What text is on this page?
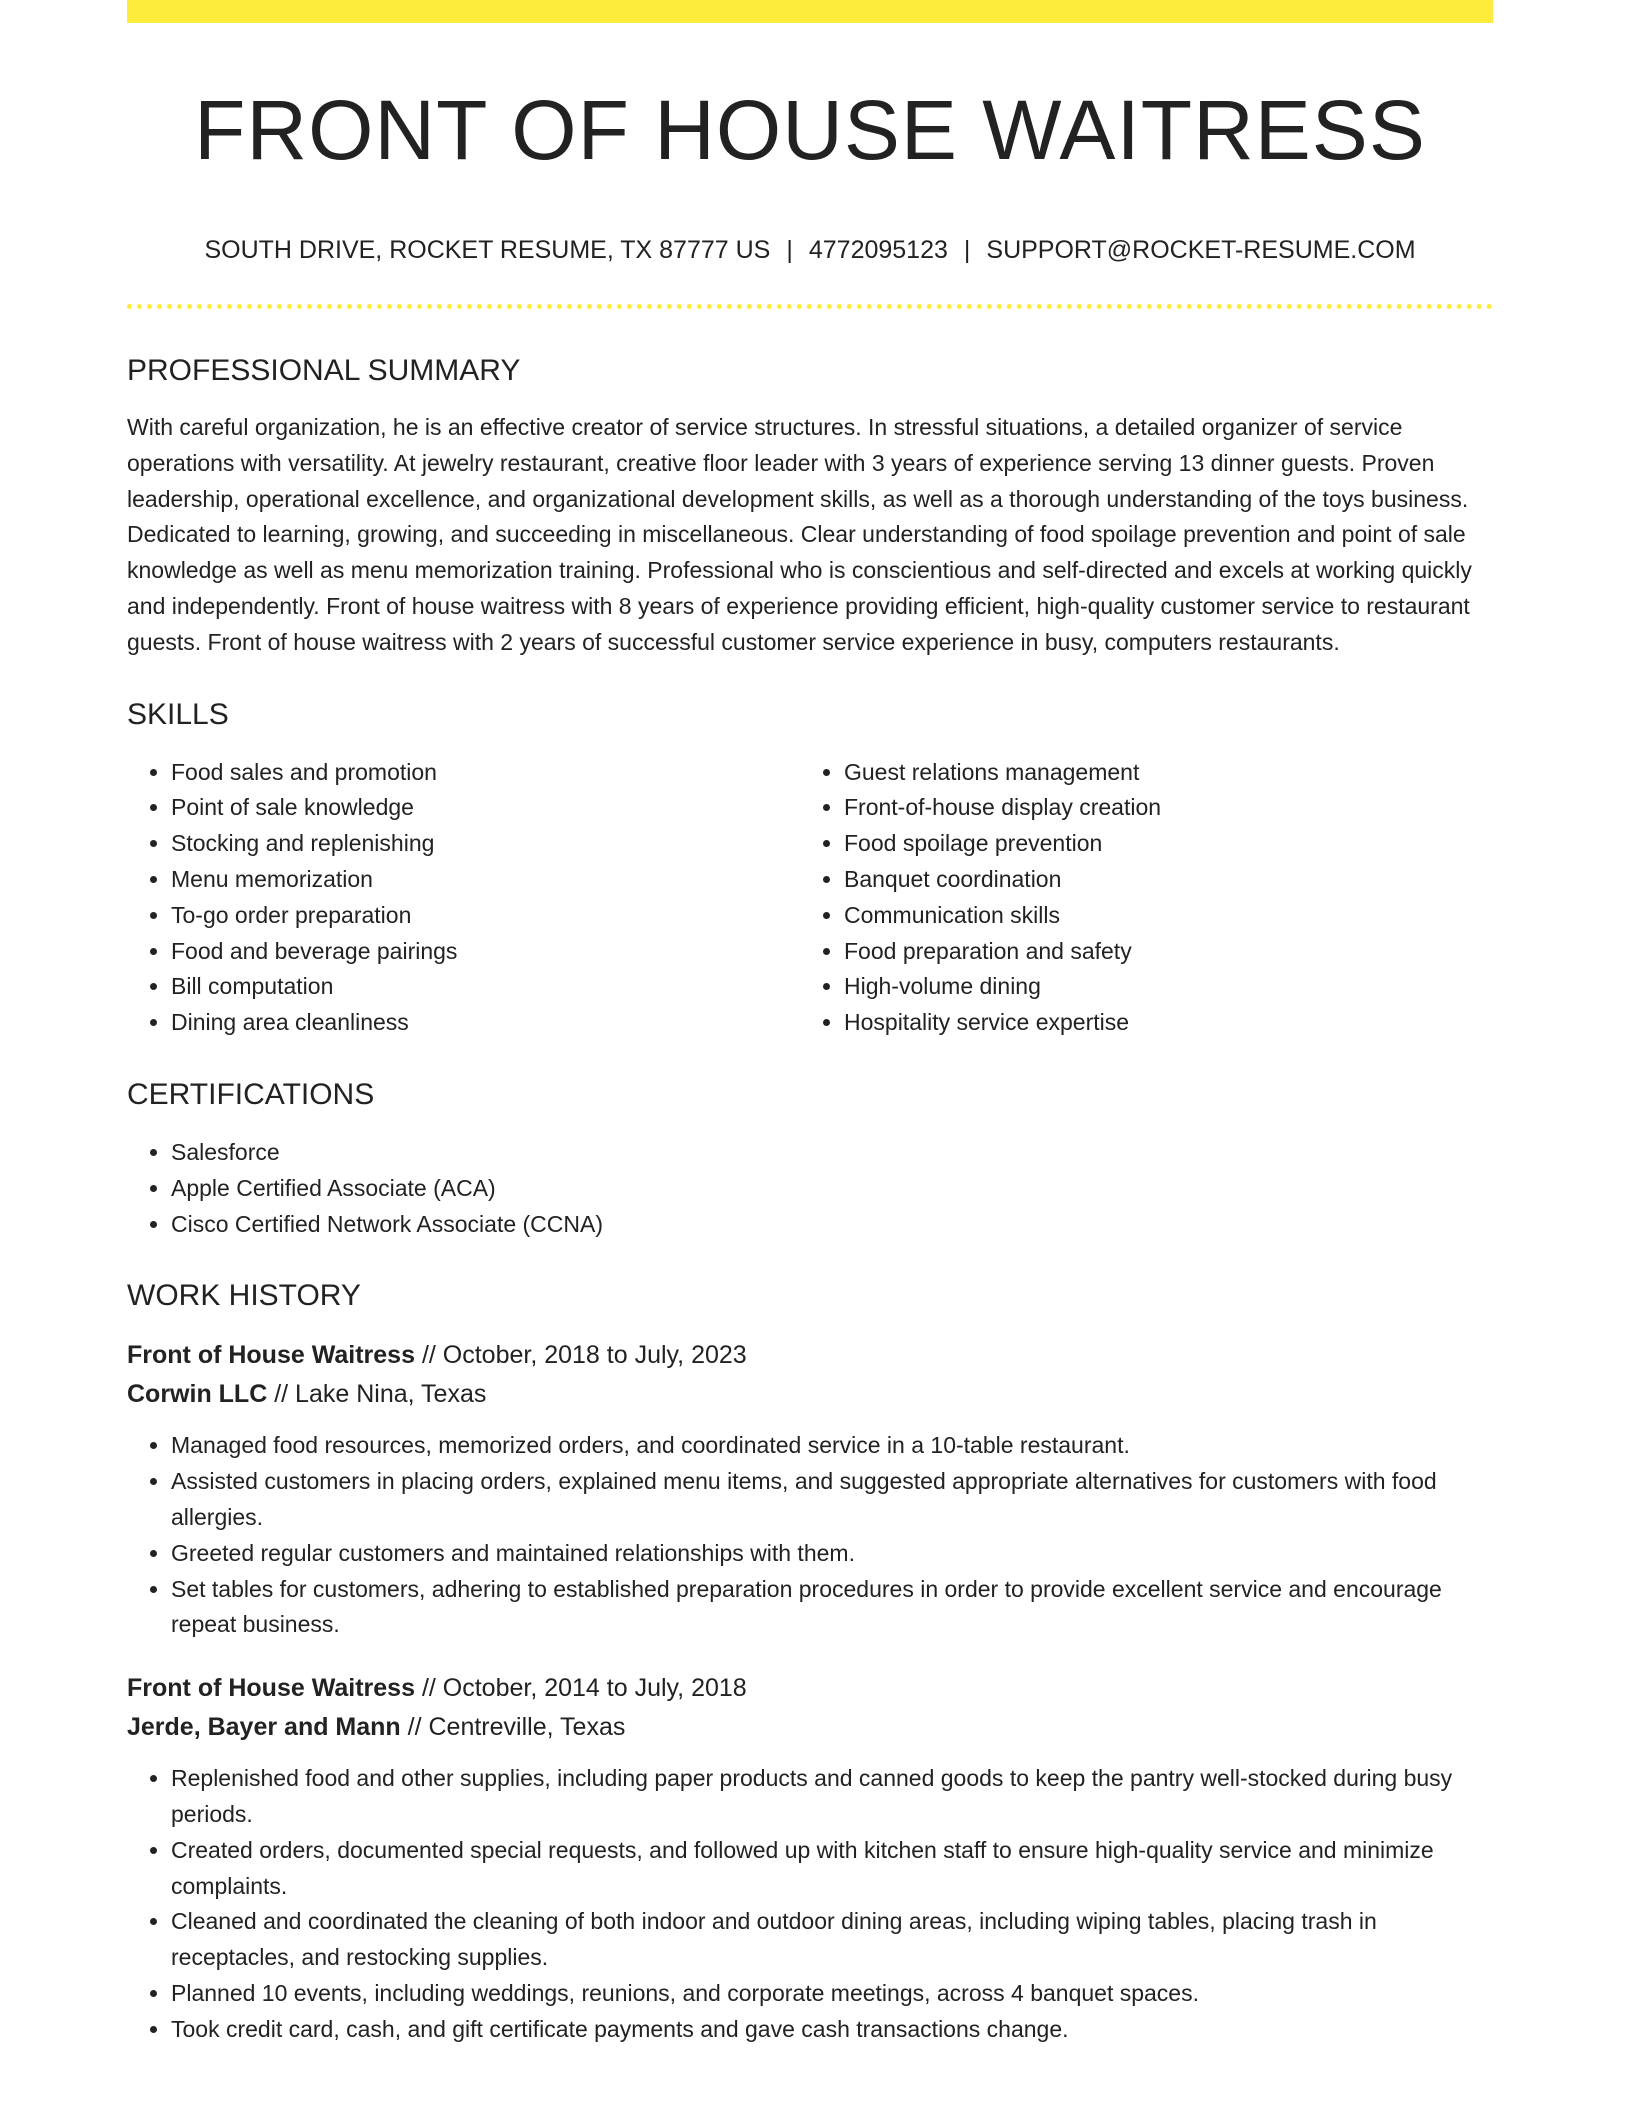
FRONT OF HOUSE WAITRESS
SOUTH DRIVE, ROCKET RESUME, TX 87777 US | 4772095123 | SUPPORT@ROCKET-RESUME.COM
PROFESSIONAL SUMMARY

With careful organization, he is an effective creator of service structures. In stressful situations, a detailed organizer of service operations with versatility. At jewelry restaurant, creative floor leader with 3 years of experience serving 13 dinner guests. Proven leadership, operational excellence, and organizational development skills, as well as a thorough understanding of the toys business. Dedicated to learning, growing, and succeeding in miscellaneous. Clear understanding of food spoilage prevention and point of sale knowledge as well as menu memorization training. Professional who is conscientious and self-directed and excels at working quickly and independently. Front of house waitress with 8 years of experience providing efficient, high-quality customer service to restaurant guests. Front of house waitress with 2 years of successful customer service experience in busy, computers restaurants.

SKILLS
• Food sales and promotion
• Point of sale knowledge
• Stocking and replenishing
• Menu memorization
• To-go order preparation
• Food and beverage pairings
• Bill computation
• Dining area cleanliness
• Guest relations management
• Front-of-house display creation
• Food spoilage prevention
• Banquet coordination
• Communication skills
• Food preparation and safety
• High-volume dining
• Hospitality service expertise
CERTIFICATIONS
• Salesforce
• Apple Certified Associate (ACA)
• Cisco Certified Network Associate (CCNA)
WORK HISTORY
Front of House Waitress // October, 2018 to July, 2023
Corwin LLC // Lake Nina, Texas
• Managed food resources, memorized orders, and coordinated service in a 10-table restaurant.
• Assisted customers in placing orders, explained menu items, and suggested appropriate alternatives for customers with food allergies.
• Greeted regular customers and maintained relationships with them.
• Set tables for customers, adhering to established preparation procedures in order to provide excellent service and encourage repeat business.
Front of House Waitress // October, 2014 to July, 2018
Jerde, Bayer and Mann // Centreville, Texas
• Replenished food and other supplies, including paper products and canned goods to keep the pantry well-stocked during busy periods.
• Created orders, documented special requests, and followed up with kitchen staff to ensure high-quality service and minimize complaints.
• Cleaned and coordinated the cleaning of both indoor and outdoor dining areas, including wiping tables, placing trash in receptacles, and restocking supplies.
• Planned 10 events, including weddings, reunions, and corporate meetings, across 4 banquet spaces.
• Took credit card, cash, and gift certificate payments and gave cash transactions change.
